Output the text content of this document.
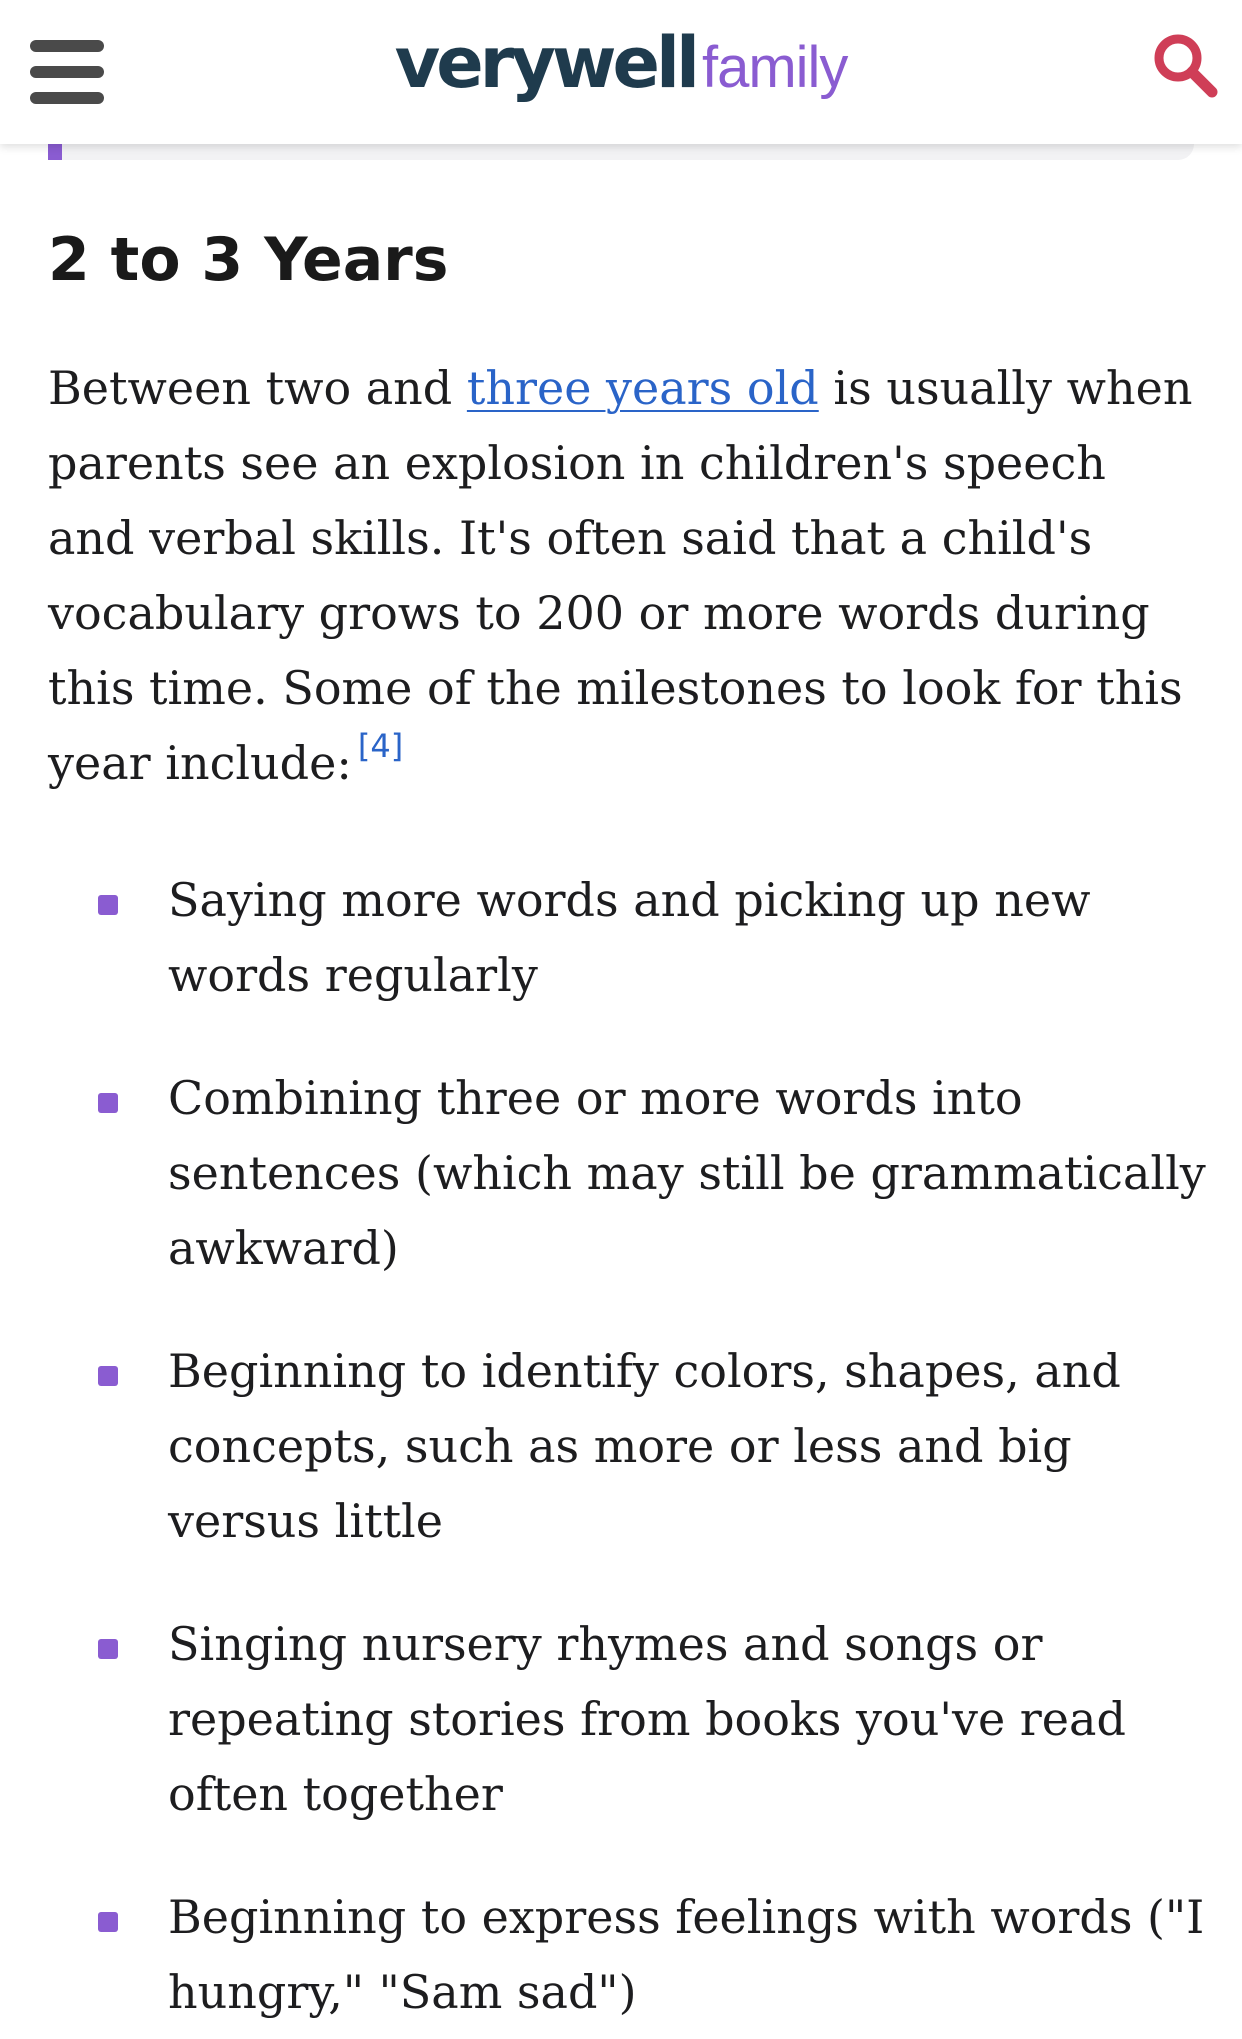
verywell family
2 to 3 Years

Between two and three years old is usually when parents see an explosion in children's speech and verbal skills. It's often said that a child's vocabulary grows to 200 or more words during this time. Some of the milestones to look for this year include: [4]

Saying more words and picking up new words regularly
Combining three or more words into sentences (which may still be grammatically awkward)
Beginning to identify colors, shapes, and concepts, such as more or less and big versus little
Singing nursery rhymes and songs or repeating stories from books you've read often together
Beginning to express feelings with words ("I hungry," "Sam sad")
